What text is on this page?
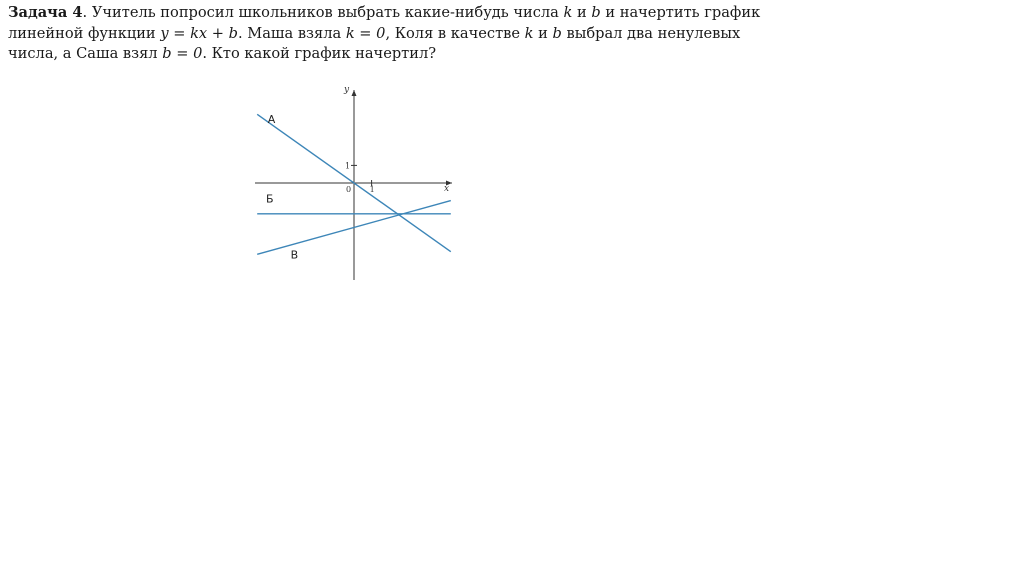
Задача 4. Учитель попросил школьников выбрать какие-нибудь числа k и b и начертить график
линейной функции y = kx + b. Маша взяла k = 0, Коля в качестве k и b выбрал два ненулевых
числа, а Саша взял b = 0. Кто какой график начертил?
x
y
0 1
1
А
Б
В
